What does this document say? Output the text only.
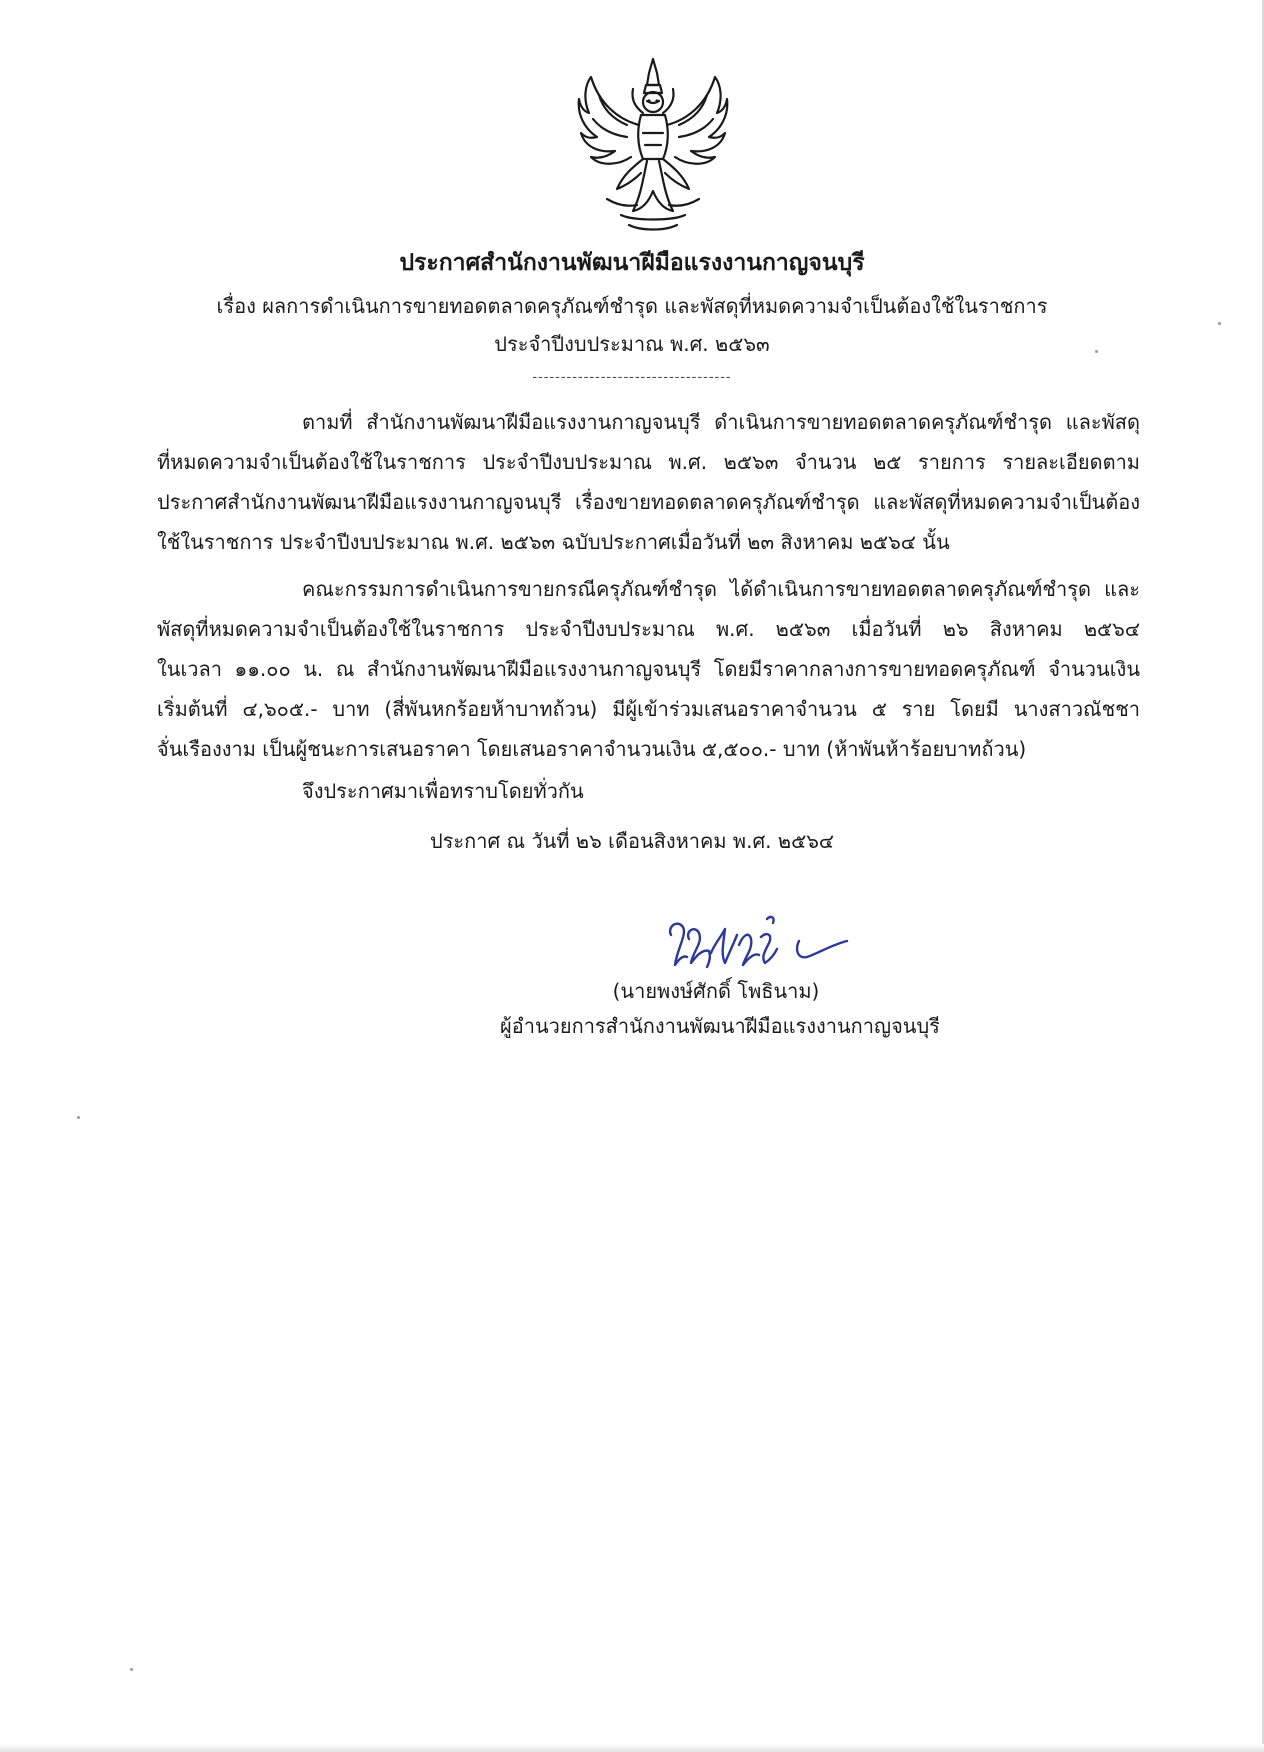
ประกาศสำนักงานพัฒนาฝีมือแรงงานกาญจนบุรี
เรื่อง ผลการดำเนินการขายทอดตลาดครุภัณฑ์ชำรุด และพัสดุที่หมดความจำเป็นต้องใช้ในราชการ
ประจำปีงบประมาณ พ.ศ. ๒๕๖๓
-----------------------------------
ตามที่ สำนักงานพัฒนาฝีมือแรงงานกาญจนบุรี ดำเนินการขายทอดตลาดครุภัณฑ์ชำรุด และพัสดุ
ที่หมดความจำเป็นต้องใช้ในราชการ ประจำปีงบประมาณ พ.ศ. ๒๕๖๓ จำนวน ๒๕ รายการ รายละเอียดตาม
ประกาศสำนักงานพัฒนาฝีมือแรงงานกาญจนบุรี เรื่องขายทอดตลาดครุภัณฑ์ชำรุด และพัสดุที่หมดความจำเป็นต้อง
ใช้ในราชการ ประจำปีงบประมาณ พ.ศ. ๒๕๖๓ ฉบับประกาศเมื่อวันที่ ๒๓ สิงหาคม ๒๕๖๔ นั้น
คณะกรรมการดำเนินการขายกรณีครุภัณฑ์ชำรุด ได้ดำเนินการขายทอดตลาดครุภัณฑ์ชำรุด และ
พัสดุที่หมดความจำเป็นต้องใช้ในราชการ ประจำปีงบประมาณ พ.ศ. ๒๕๖๓ เมื่อวันที่ ๒๖ สิงหาคม ๒๕๖๔
ในเวลา ๑๑.๐๐ น. ณ สำนักงานพัฒนาฝีมือแรงงานกาญจนบุรี โดยมีราคากลางการขายทอดครุภัณฑ์ จำนวนเงิน
เริ่มต้นที่ ๔,๖๐๕.- บาท (สี่พันหกร้อยห้าบาทถ้วน) มีผู้เข้าร่วมเสนอราคาจำนวน ๕ ราย โดยมี นางสาวณัชชา
จั่นเรืองงาม เป็นผู้ชนะการเสนอราคา โดยเสนอราคาจำนวนเงิน ๕,๕๐๐.- บาท (ห้าพันห้าร้อยบาทถ้วน)
จึงประกาศมาเพื่อทราบโดยทั่วกัน
ประกาศ ณ วันที่ ๒๖ เดือนสิงหาคม พ.ศ. ๒๕๖๔
(นายพงษ์ศักดิ์ โพธินาม)
ผู้อำนวยการสำนักงานพัฒนาฝีมือแรงงานกาญจนบุรี
